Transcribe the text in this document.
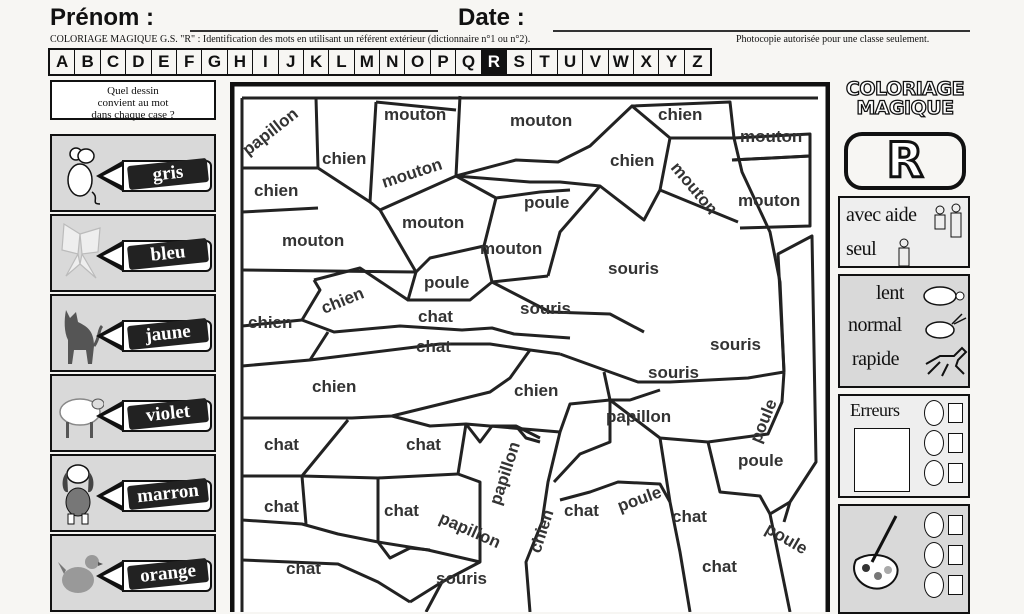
Prénom :	Date :
COLORIAGE MAGIQUE G.S. "R" : Identification des mots en utilisant un référent extérieur (dictionnaire n°1 ou n°2).	Photocopie autorisée pour une classe seulement.
A B C D E F G H I	J K L M N O P Q R S T U V W X Y Z
Quel dessin
convient au mot
dans chaque case ?
gris
bleu
jaune
violet
marron
orange
papillon chien
mouton
chien	mouton
mouton	chien
mouton
chien mouton mouton
mouton
mouton
poule
mouton
poule
chien
souris
chien	chat	souris
chat	souris
souris
chien	chien
poule
papillon
chat	chat	papillon	poule
poule
chat	chat papillon chien chat	chat
poule
chat	chat
souris
COLORIAGE
MAGIQUE
R
avec aide
seul
lent
normal
rapide
Erreurs
